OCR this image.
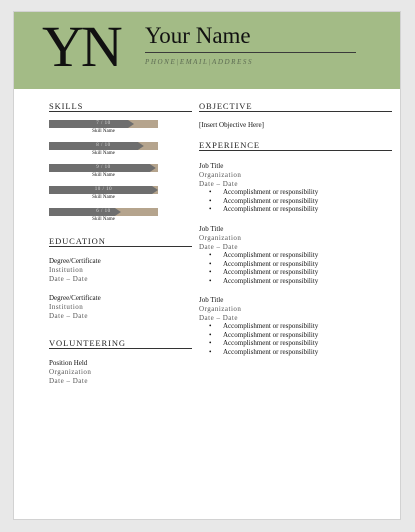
YN Your Name
PHONE|EMAIL|ADDRESS
SKILLS
7 / 10
Skill Name
8 / 10
Skill Name
9 / 10
Skill Name
10 / 10
Skill Name
6 / 10
Skill Name
EDUCATION
Degree/Certificate
Institution
Date – Date
Degree/Certificate
Institution
Date – Date
VOLUNTEERING
Position Held
Organization
Date – Date
OBJECTIVE
[Insert Objective Here]
EXPERIENCE
Job Title
Organization
Date – Date
• Accomplishment or responsibility
• Accomplishment or responsibility
• Accomplishment or responsibility
Job Title
Organization
Date – Date
• Accomplishment or responsibility
• Accomplishment or responsibility
• Accomplishment or responsibility
• Accomplishment or responsibility
Job Title
Organization
Date – Date
• Accomplishment or responsibility
• Accomplishment or responsibility
• Accomplishment or responsibility
• Accomplishment or responsibility
